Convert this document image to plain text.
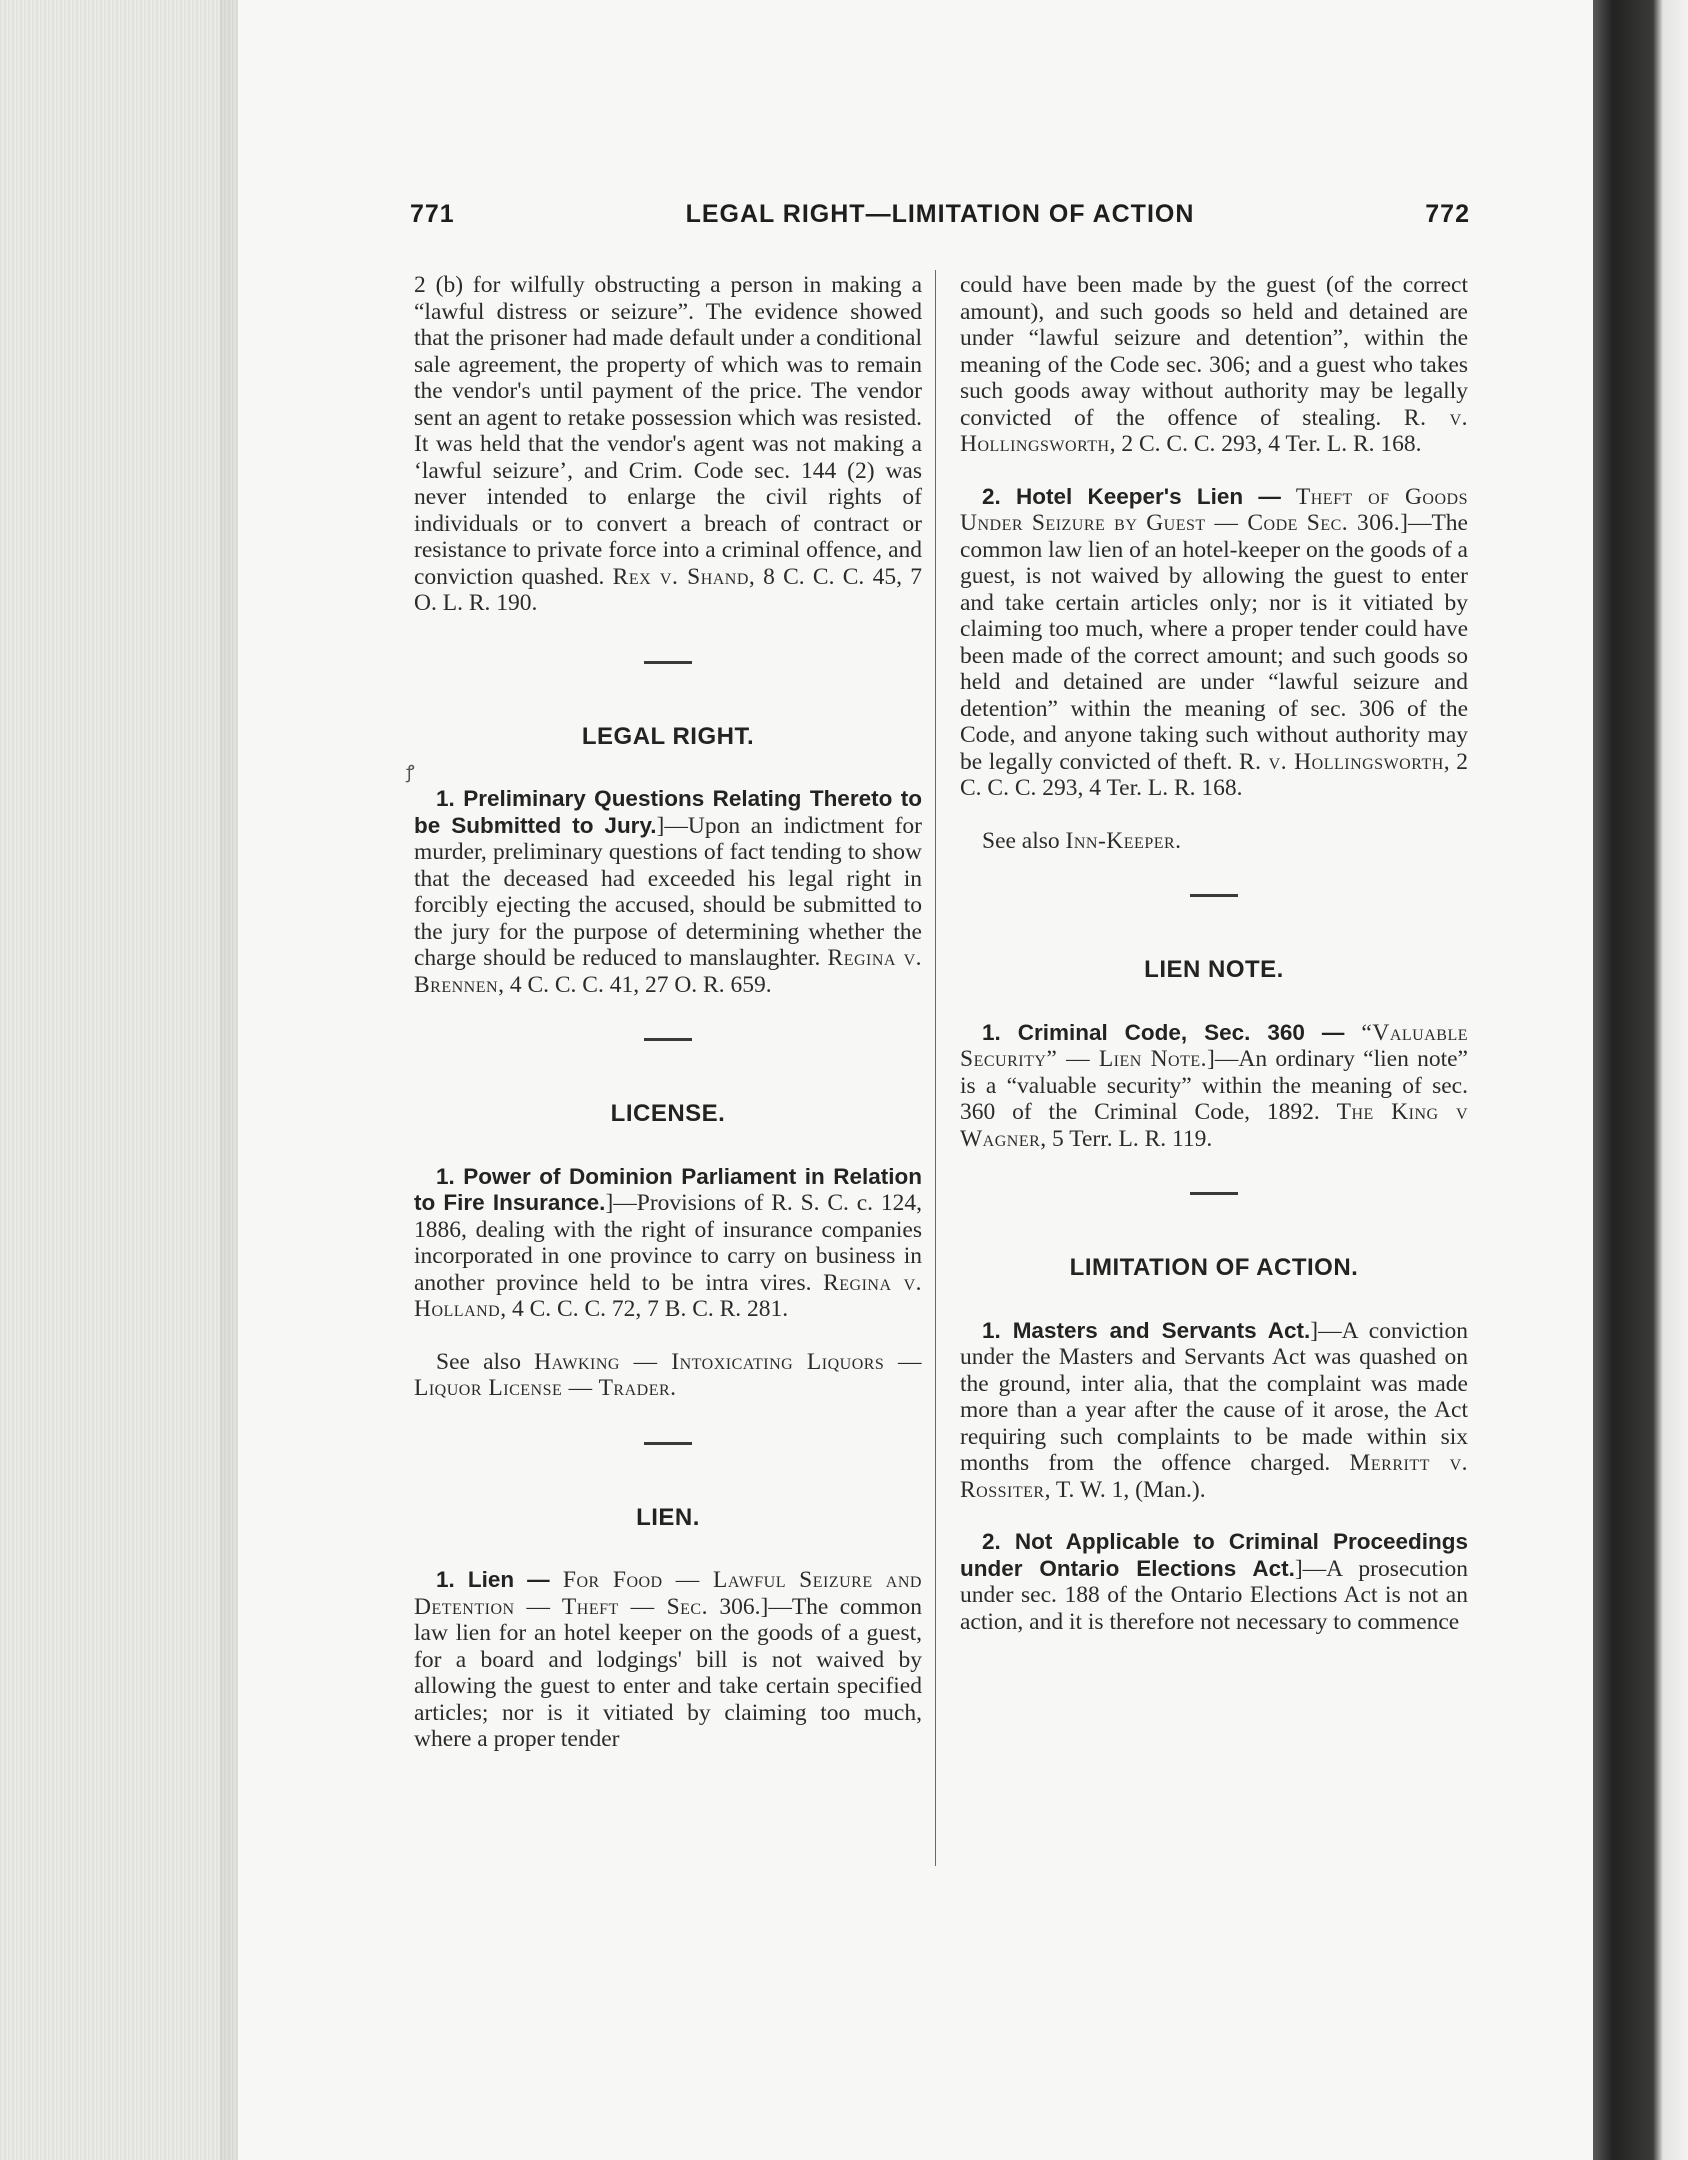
771	LEGAL RIGHT—LIMITATION OF ACTION	772
ꝭ

2 (b) for wilfully obstructing a person in making a “lawful distress or seizure”. The evidence showed that the prisoner had made default under a conditional sale agreement, the property of which was to remain the vendor's until payment of the price. The vendor sent an agent to retake possession which was resisted. It was held that the vendor's agent was not making a ‘lawful seizure’, and Crim. Code sec. 144 (2) was never intended to enlarge the civil rights of individuals or to convert a breach of contract or resistance to private force into a criminal offence, and conviction quashed. Rex v. Shand, 8 C. C. C. 45, 7 O. L. R. 190.

LEGAL RIGHT.

1. Preliminary Questions Relating Thereto to be Submitted to Jury.]—Upon an indictment for murder, preliminary questions of fact tending to show that the deceased had exceeded his legal right in forcibly ejecting the accused, should be submitted to the jury for the purpose of determining whether the charge should be reduced to manslaughter. Regina v. Brennen, 4 C. C. C. 41, 27 O. R. 659.

LICENSE.

1. Power of Dominion Parliament in Relation to Fire Insurance.]—Provisions of R. S. C. c. 124, 1886, dealing with the right of insurance companies incorporated in one province to carry on business in another province held to be intra vires. Regina v. Holland, 4 C. C. C. 72, 7 B. C. R. 281.

See also Hawking — Intoxicating Liquors — Liquor License — Trader.

LIEN.

1. Lien — For Food — Lawful Seizure and Detention — Theft — Sec. 306.]—The common law lien for an hotel keeper on the goods of a guest, for a board and lodgings' bill is not waived by allowing the guest to enter and take certain specified articles; nor is it vitiated by claiming too much, where a proper tender

could have been made by the guest (of the correct amount), and such goods so held and detained are under “lawful seizure and detention”, within the meaning of the Code sec. 306; and a guest who takes such goods away without authority may be legally convicted of the offence of stealing. R. v. Hollingsworth, 2 C. C. C. 293, 4 Ter. L. R. 168.

2. Hotel Keeper's Lien — Theft of Goods Under Seizure by Guest — Code Sec. 306.]—The common law lien of an hotel-keeper on the goods of a guest, is not waived by allowing the guest to enter and take certain articles only; nor is it vitiated by claiming too much, where a proper tender could have been made of the correct amount; and such goods so held and detained are under “lawful seizure and detention” within the meaning of sec. 306 of the Code, and anyone taking such without authority may be legally convicted of theft. R. v. Hollingsworth, 2 C. C. C. 293, 4 Ter. L. R. 168.

See also Inn-Keeper.

LIEN NOTE.

1. Criminal Code, Sec. 360 — “Valuable Security” — Lien Note.]—An ordinary “lien note” is a “valuable security” within the meaning of sec. 360 of the Criminal Code, 1892. The King v Wagner, 5 Terr. L. R. 119.

LIMITATION OF ACTION.

1. Masters and Servants Act.]—A conviction under the Masters and Servants Act was quashed on the ground, inter alia, that the complaint was made more than a year after the cause of it arose, the Act requiring such complaints to be made within six months from the offence charged. Merritt v. Rossiter, T. W. 1, (Man.).

2. Not Applicable to Criminal Proceedings under Ontario Elections Act.]—A prosecution under sec. 188 of the Ontario Elections Act is not an action, and it is therefore not necessary to commence
